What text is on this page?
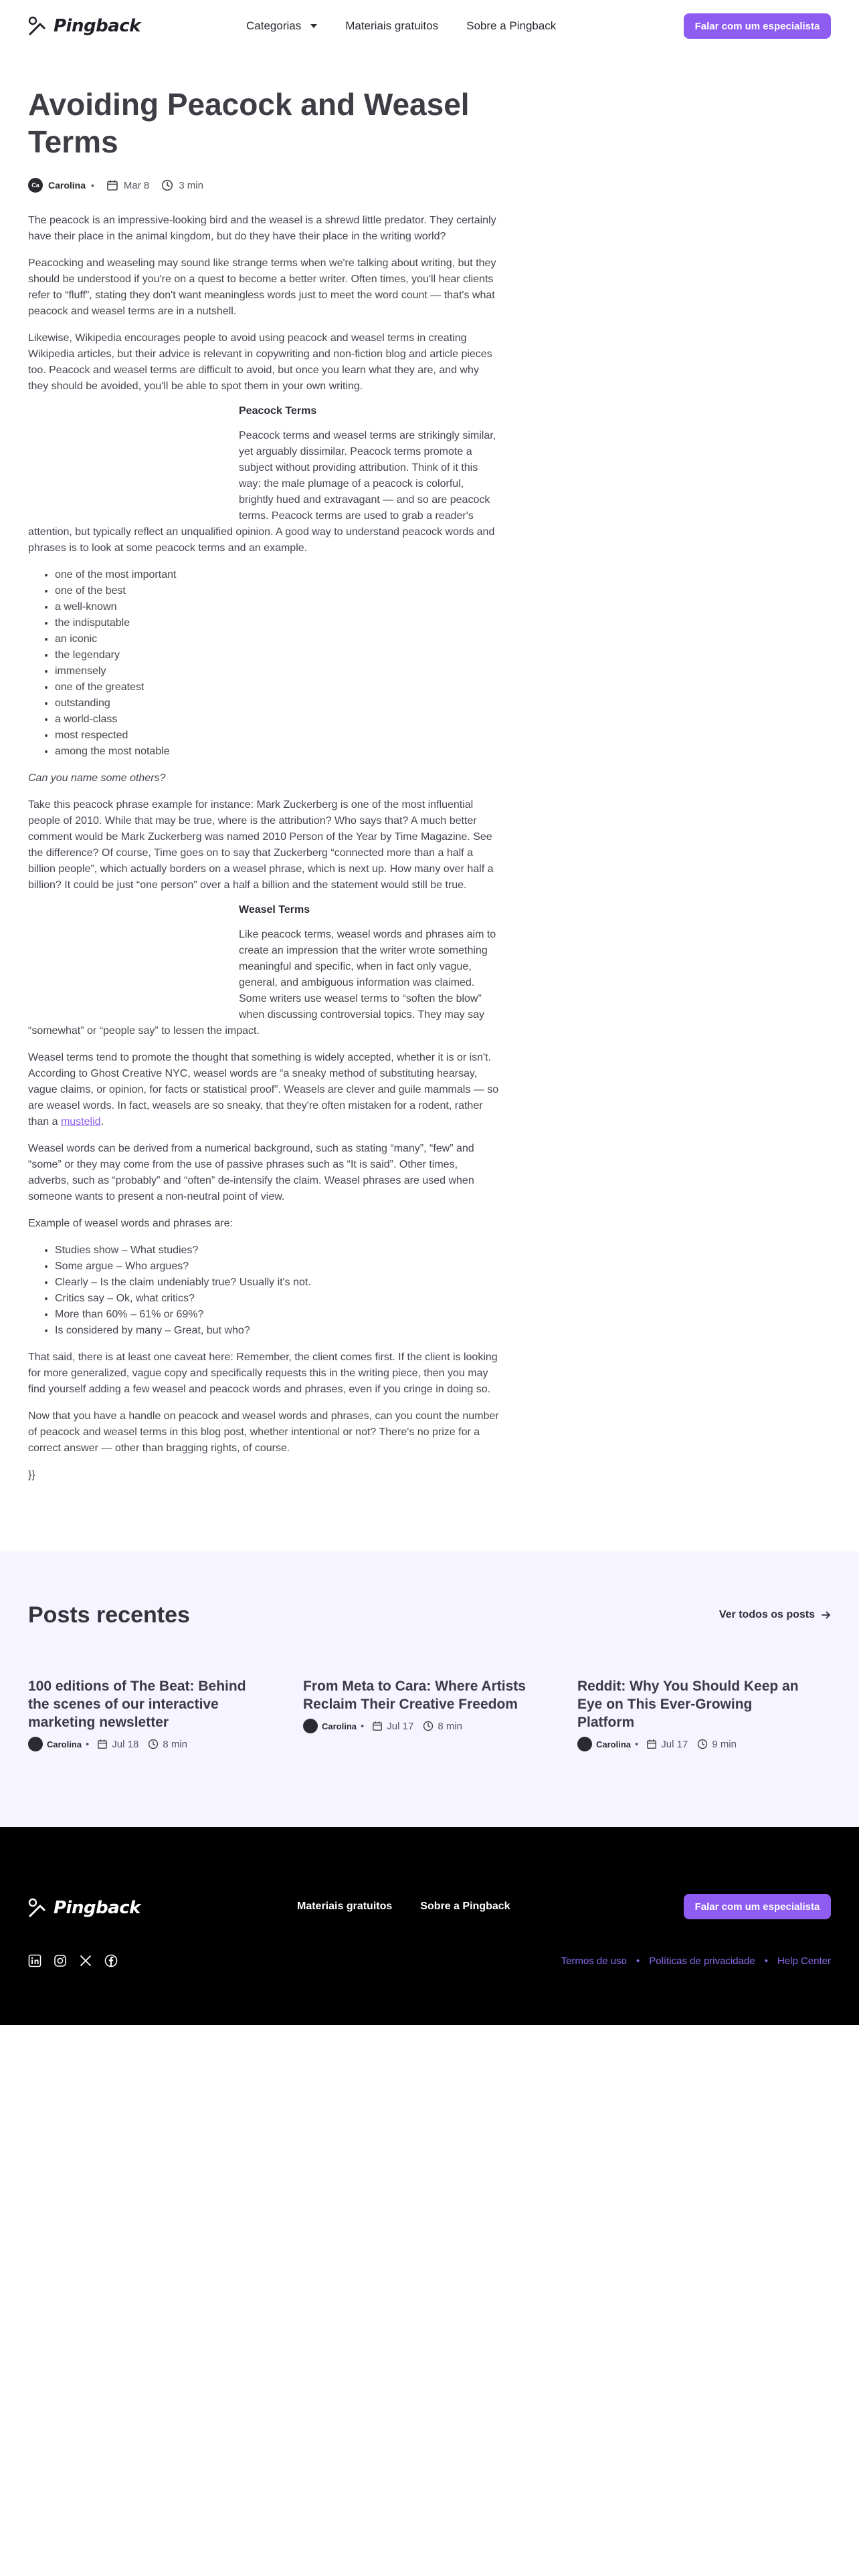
Pingback	Categorias	Materiais gratuitos Sobre a Pingback	Falar com um especialista
Avoiding Peacock and Weasel Terms
Ca Carolina •	Mar 8	3 min

The peacock is an impressive-looking bird and the weasel is a shrewd little predator. They certainly have their place in the animal kingdom, but do they have their place in the writing world?

Peacocking and weaseling may sound like strange terms when we're talking about writing, but they should be understood if you're on a quest to become a better writer. Often times, you'll hear clients refer to “fluff”, stating they don't want meaningless words just to meet the word count — that's what peacock and weasel terms are in a nutshell.

Likewise, Wikipedia encourages people to avoid using peacock and weasel terms in creating Wikipedia articles, but their advice is relevant in copywriting and non-fiction blog and article pieces too. Peacock and weasel terms are difficult to avoid, but once you learn what they are, and why they should be avoided, you'll be able to spot them in your own writing.

Peacock Terms

Peacock terms and weasel terms are strikingly similar, yet arguably dissimilar. Peacock terms promote a subject without providing attribution. Think of it this way: the male plumage of a peacock is colorful, brightly hued and extravagant — and so are peacock terms. Peacock terms are used to grab a reader's

attention, but typically reflect an unqualified opinion. A good way to understand peacock words and phrases is to look at some peacock terms and an example.

• one of the most important
• one of the best
• a well-known
• the indisputable
• an iconic
• the legendary
• immensely
• one of the greatest
• outstanding
• a world-class
• most respected
• among the most notable

Can you name some others?

Take this peacock phrase example for instance: Mark Zuckerberg is one of the most influential people of 2010. While that may be true, where is the attribution? Who says that? A much better comment would be Mark Zuckerberg was named 2010 Person of the Year by Time Magazine. See the difference? Of course, Time goes on to say that Zuckerberg “connected more than a half a billion people”, which actually borders on a weasel phrase, which is next up. How many over half a billion? It could be just “one person” over a half a billion and the statement would still be true.

Weasel Terms

Like peacock terms, weasel words and phrases aim to create an impression that the writer wrote something meaningful and specific, when in fact only vague, general, and ambiguous information was claimed. Some writers use weasel terms to “soften the blow” when discussing controversial topics. They may say

“somewhat” or “people say” to lessen the impact.

Weasel terms tend to promote the thought that something is widely accepted, whether it is or isn't. According to Ghost Creative NYC, weasel words are “a sneaky method of substituting hearsay, vague claims, or opinion, for facts or statistical proof”. Weasels are clever and guile mammals — so are weasel words. In fact, weasels are so sneaky, that they're often mistaken for a rodent, rather than a mustelid.

Weasel words can be derived from a numerical background, such as stating “many”, “few” and “some” or they may come from the use of passive phrases such as “It is said”. Other times, adverbs, such as “probably” and “often” de-intensify the claim. Weasel phrases are used when someone wants to present a non-neutral point of view.

Example of weasel words and phrases are:

• Studies show – What studies?
• Some argue – Who argues?
• Clearly – Is the claim undeniably true? Usually it's not.
• Critics say – Ok, what critics?
• More than 60% – 61% or 69%?
• Is considered by many – Great, but who?

That said, there is at least one caveat here: Remember, the client comes first. If the client is looking for more generalized, vague copy and specifically requests this in the writing piece, then you may find yourself adding a few weasel and peacock words and phrases, even if you cringe in doing so.

Now that you have a handle on peacock and weasel words and phrases, can you count the number of peacock and weasel terms in this blog post, whether intentional or not? There's no prize for a correct answer — other than bragging rights, of course.

}}

Posts recentes	Ver todos os posts
100 editions of The Beat: Behind the scenes of our interactive marketing newsletter
Carolina • Jul 18 8 min
From Meta to Cara: Where Artists Reclaim Their Creative Freedom
Carolina • Jul 17 8 min
Reddit: Why You Should Keep an Eye on This Ever-Growing Platform
Carolina • Jul 17 9 min
Pingback	Materiais gratuitos	Sobre a Pingback	Falar com um especialista
Termos de uso • Políticas de privacidade • Help Center
